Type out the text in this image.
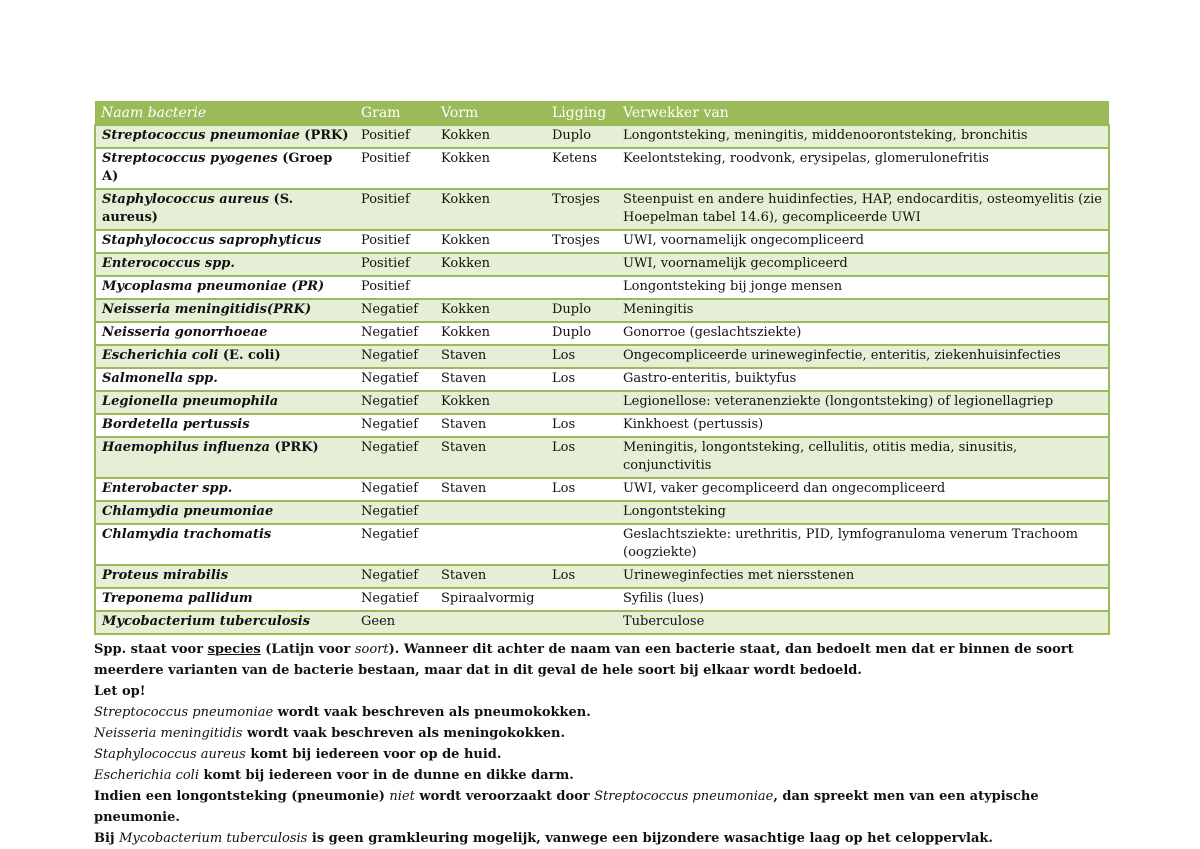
Naam bacterie	Gram	Vorm	Ligging	Verwekker van
Streptococcus pneumoniae (PRK)	Positief	Kokken	Duplo	Longontsteking, meningitis, middenoorontsteking, bronchitis
Streptococcus pyogenes (Groep A)	Positief	Kokken	Ketens	Keelontsteking, roodvonk, erysipelas, glomerulonefritis
Staphylococcus aureus (S. aureus)	Positief	Kokken	Trosjes	Steenpuist en andere huidinfecties, HAP, endocarditis, osteomyelitis (zie Hoepelman tabel 14.6), gecompliceerde UWI
Staphylococcus saprophyticus	Positief	Kokken	Trosjes	UWI, voornamelijk ongecompliceerd
Enterococcus spp.	Positief	Kokken		UWI, voornamelijk gecompliceerd
Mycoplasma pneumoniae (PR)	Positief			Longontsteking bij jonge mensen
Neisseria meningitidis(PRK)	Negatief	Kokken	Duplo	Meningitis
Neisseria gonorrhoeae	Negatief	Kokken	Duplo	Gonorroe (geslachtsziekte)
Escherichia coli (E. coli)	Negatief	Staven	Los	Ongecompliceerde urineweginfectie, enteritis, ziekenhuisinfecties
Salmonella spp.	Negatief	Staven	Los	Gastro-enteritis, buiktyfus
Legionella pneumophila	Negatief	Kokken		Legionellose: veteranenziekte (longontsteking) of legionellagriep
Bordetella pertussis	Negatief	Staven	Los	Kinkhoest (pertussis)
Haemophilus influenza (PRK)	Negatief	Staven	Los	Meningitis, longontsteking, cellulitis, otitis media, sinusitis, conjunctivitis
Enterobacter spp.	Negatief	Staven	Los	UWI, vaker gecompliceerd dan ongecompliceerd
Chlamydia pneumoniae	Negatief			Longontsteking
Chlamydia trachomatis	Negatief			Geslachtsziekte: urethritis, PID, lymfogranuloma venerum Trachoom (oogziekte)
Proteus mirabilis	Negatief	Staven	Los	Urineweginfecties met niersstenen
Treponema pallidum	Negatief	Spiraalvormig		Syfilis (lues)
Mycobacterium tuberculosis	Geen			Tuberculose

Spp. staat voor species (Latijn voor soort). Wanneer dit achter de naam van een bacterie staat, dan bedoelt men dat er binnen de soort meerdere varianten van de bacterie bestaan, maar dat in dit geval de hele soort bij elkaar wordt bedoeld.

Let op!

Streptococcus pneumoniae wordt vaak beschreven als pneumokokken.

Neisseria meningitidis wordt vaak beschreven als meningokokken.

Staphylococcus aureus komt bij iedereen voor op de huid.

Escherichia coli komt bij iedereen voor in de dunne en dikke darm.

Indien een longontsteking (pneumonie) niet wordt veroorzaakt door Streptococcus pneumoniae, dan spreekt men van een atypische pneumonie.

Bij Mycobacterium tuberculosis is geen gramkleuring mogelijk, vanwege een bijzondere wasachtige laag op het celoppervlak.
